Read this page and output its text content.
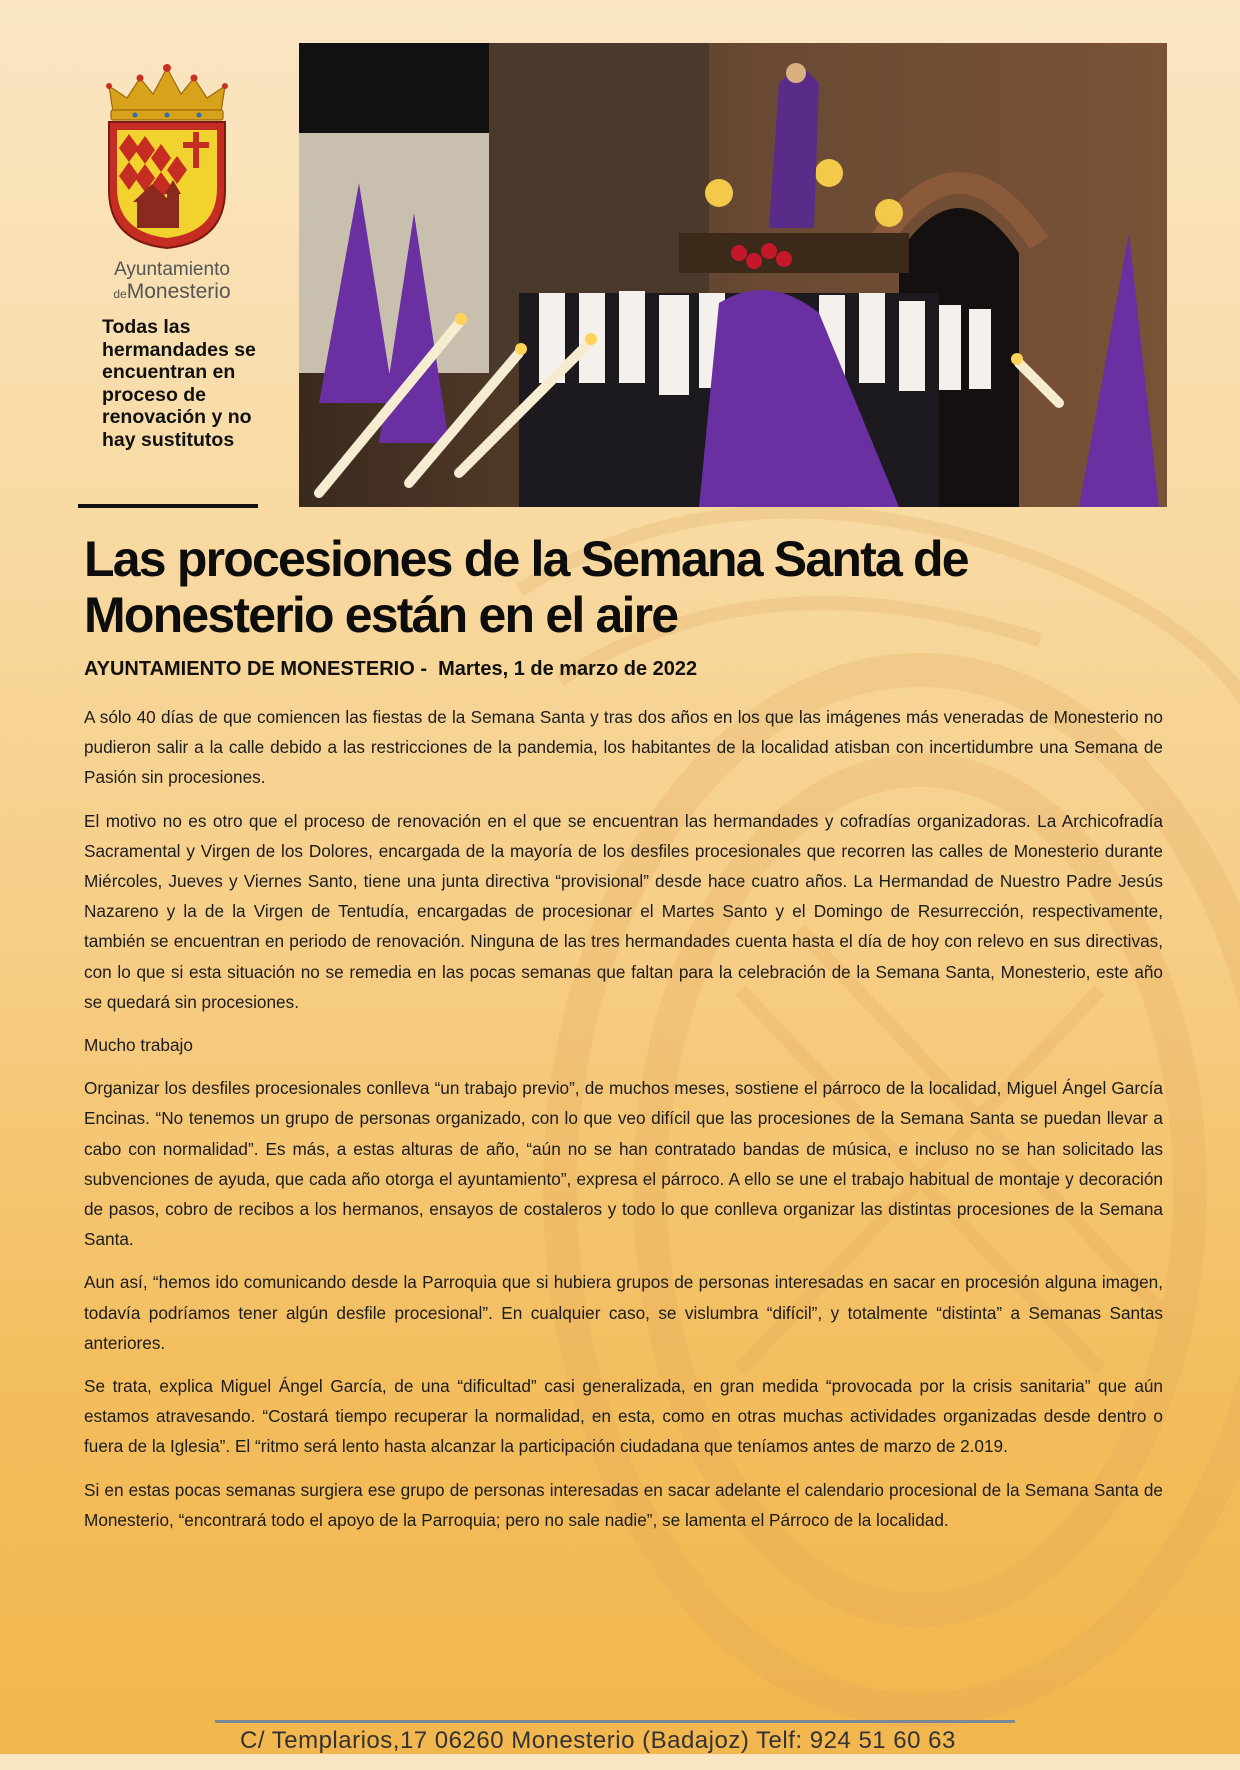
Ayuntamiento
deMonesterio
Todas las hermandades se encuentran en proceso de renovación y no hay sustitutos
Las procesiones de la Semana Santa de Monesterio están en el aire
AYUNTAMIENTO DE MONESTERIO -  Martes, 1 de marzo de 2022

A sólo 40 días de que comiencen las fiestas de la Semana Santa y tras dos años en los que las imágenes más veneradas de Monesterio no pudieron salir a la calle debido a las restricciones de la pandemia, los habitantes de la localidad atisban con incertidumbre una Semana de Pasión sin procesiones.

El motivo no es otro que el proceso de renovación en el que se encuentran las hermandades y cofradías organizadoras. La Archicofradía Sacramental y Virgen de los Dolores, encargada de la mayoría de los desfiles procesionales que recorren las calles de Monesterio durante Miércoles, Jueves y Viernes Santo, tiene una junta directiva “provisional” desde hace cuatro años. La Hermandad de Nuestro Padre Jesús Nazareno y la de la Virgen de Tentudía, encargadas de procesionar el Martes Santo y el Domingo de Resurrección, respectivamente, también se encuentran en periodo de renovación. Ninguna de las tres hermandades cuenta hasta el día de hoy con relevo en sus directivas, con lo que si esta situación no se remedia en las pocas semanas que faltan para la celebración de la Semana Santa, Monesterio, este año se quedará sin procesiones.

Mucho trabajo

Organizar los desfiles procesionales conlleva “un trabajo previo”, de muchos meses, sostiene el párroco de la localidad, Miguel Ángel García Encinas. “No tenemos un grupo de personas organizado, con lo que veo difícil que las procesiones de la Semana Santa se puedan llevar a cabo con normalidad”. Es más, a estas alturas de año, “aún no se han contratado bandas de música, e incluso no se han solicitado las subvenciones de ayuda, que cada año otorga el ayuntamiento”, expresa el párroco. A ello se une el trabajo habitual de montaje y decoración de pasos, cobro de recibos a los hermanos, ensayos de costaleros y todo lo que conlleva organizar las distintas procesiones de la Semana Santa.

Aun así, “hemos ido comunicando desde la Parroquia que si hubiera grupos de personas interesadas en sacar en procesión alguna imagen, todavía podríamos tener algún desfile procesional”. En cualquier caso, se vislumbra “difícil”, y totalmente “distinta” a Semanas Santas anteriores.

Se trata, explica Miguel Ángel García, de una “dificultad” casi generalizada, en gran medida “provocada por la crisis sanitaria” que aún estamos atravesando. “Costará tiempo recuperar la normalidad, en esta, como en otras muchas actividades organizadas desde dentro o fuera de la Iglesia”. El “ritmo será lento hasta alcanzar la participación ciudadana que teníamos antes de marzo de 2.019.

Si en estas pocas semanas surgiera ese grupo de personas interesadas en sacar adelante el calendario procesional de la Semana Santa de Monesterio, “encontrará todo el apoyo de la Parroquia; pero no sale nadie”, se lamenta el Párroco de la localidad.

C/ Templarios,17 06260 Monesterio (Badajoz) Telf: 924 51 60 63
